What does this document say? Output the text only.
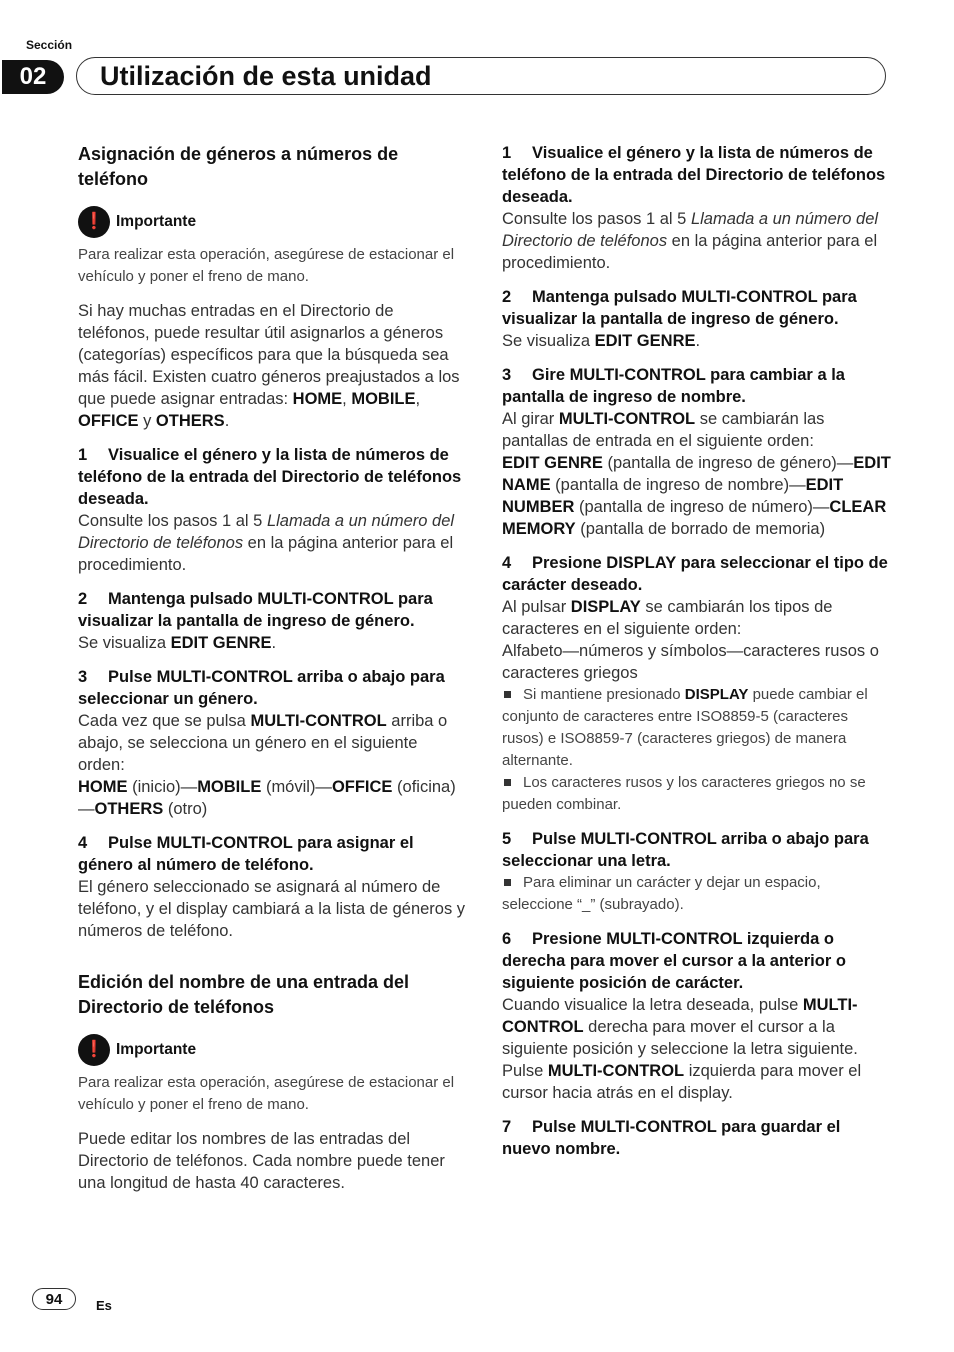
Sección
02	Utilización de esta unidad
Asignación de géneros a números de teléfono
❗ Importante

Para realizar esta operación, asegúrese de estacionar el vehículo y poner el freno de mano.

Si hay muchas entradas en el Directorio de teléfonos, puede resultar útil asignarlos a géneros (categorías) específicos para que la búsqueda sea más fácil. Existen cuatro géneros preajustados a los que puede asignar entradas: HOME, MOBILE, OFFICE y OTHERS.

1 Visualice el género y la lista de números de teléfono de la entrada del Directorio de teléfonos deseada.

Consulte los pasos 1 al 5 Llamada a un número del Directorio de teléfonos en la página anterior para el procedimiento.

2 Mantenga pulsado MULTI-CONTROL para visualizar la pantalla de ingreso de género.

Se visualiza EDIT GENRE.

3 Pulse MULTI-CONTROL arriba o abajo para seleccionar un género.

Cada vez que se pulsa MULTI-CONTROL arriba o abajo, se selecciona un género en el siguiente orden:

HOME (inicio)—MOBILE (móvil)—OFFICE (oficina)—OTHERS (otro)

4 Pulse MULTI-CONTROL para asignar el género al número de teléfono.

El género seleccionado se asignará al número de teléfono, y el display cambiará a la lista de géneros y números de teléfono.

Edición del nombre de una entrada del Directorio de teléfonos
❗ Importante

Para realizar esta operación, asegúrese de estacionar el vehículo y poner el freno de mano.

Puede editar los nombres de las entradas del Directorio de teléfonos. Cada nombre puede tener una longitud de hasta 40 caracteres.

1 Visualice el género y la lista de números de teléfono de la entrada del Directorio de teléfonos deseada.

Consulte los pasos 1 al 5 Llamada a un número del Directorio de teléfonos en la página anterior para el procedimiento.

2 Mantenga pulsado MULTI-CONTROL para visualizar la pantalla de ingreso de género.

Se visualiza EDIT GENRE.

3 Gire MULTI-CONTROL para cambiar a la pantalla de ingreso de nombre.

Al girar MULTI-CONTROL se cambiarán las pantallas de entrada en el siguiente orden:

EDIT GENRE (pantalla de ingreso de género)—EDIT NAME (pantalla de ingreso de nombre)—EDIT NUMBER (pantalla de ingreso de número)—CLEAR MEMORY (pantalla de borrado de memoria)

4 Presione DISPLAY para seleccionar el tipo de carácter deseado.

Al pulsar DISPLAY se cambiarán los tipos de caracteres en el siguiente orden:

Alfabeto—números y símbolos—caracteres rusos o caracteres griegos

Si mantiene presionado DISPLAY puede cambiar el conjunto de caracteres entre ISO8859-5 (caracteres rusos) e ISO8859-7 (caracteres griegos) de manera alternante.

Los caracteres rusos y los caracteres griegos no se pueden combinar.

5 Pulse MULTI-CONTROL arriba o abajo para seleccionar una letra.

Para eliminar un carácter y dejar un espacio, seleccione “_” (subrayado).

6 Presione MULTI-CONTROL izquierda o derecha para mover el cursor a la anterior o siguiente posición de carácter.

Cuando visualice la letra deseada, pulse MULTI-CONTROL derecha para mover el cursor a la siguiente posición y seleccione la letra siguiente. Pulse MULTI-CONTROL izquierda para mover el cursor hacia atrás en el display.

7 Pulse MULTI-CONTROL para guardar el nuevo nombre.

94	Es
